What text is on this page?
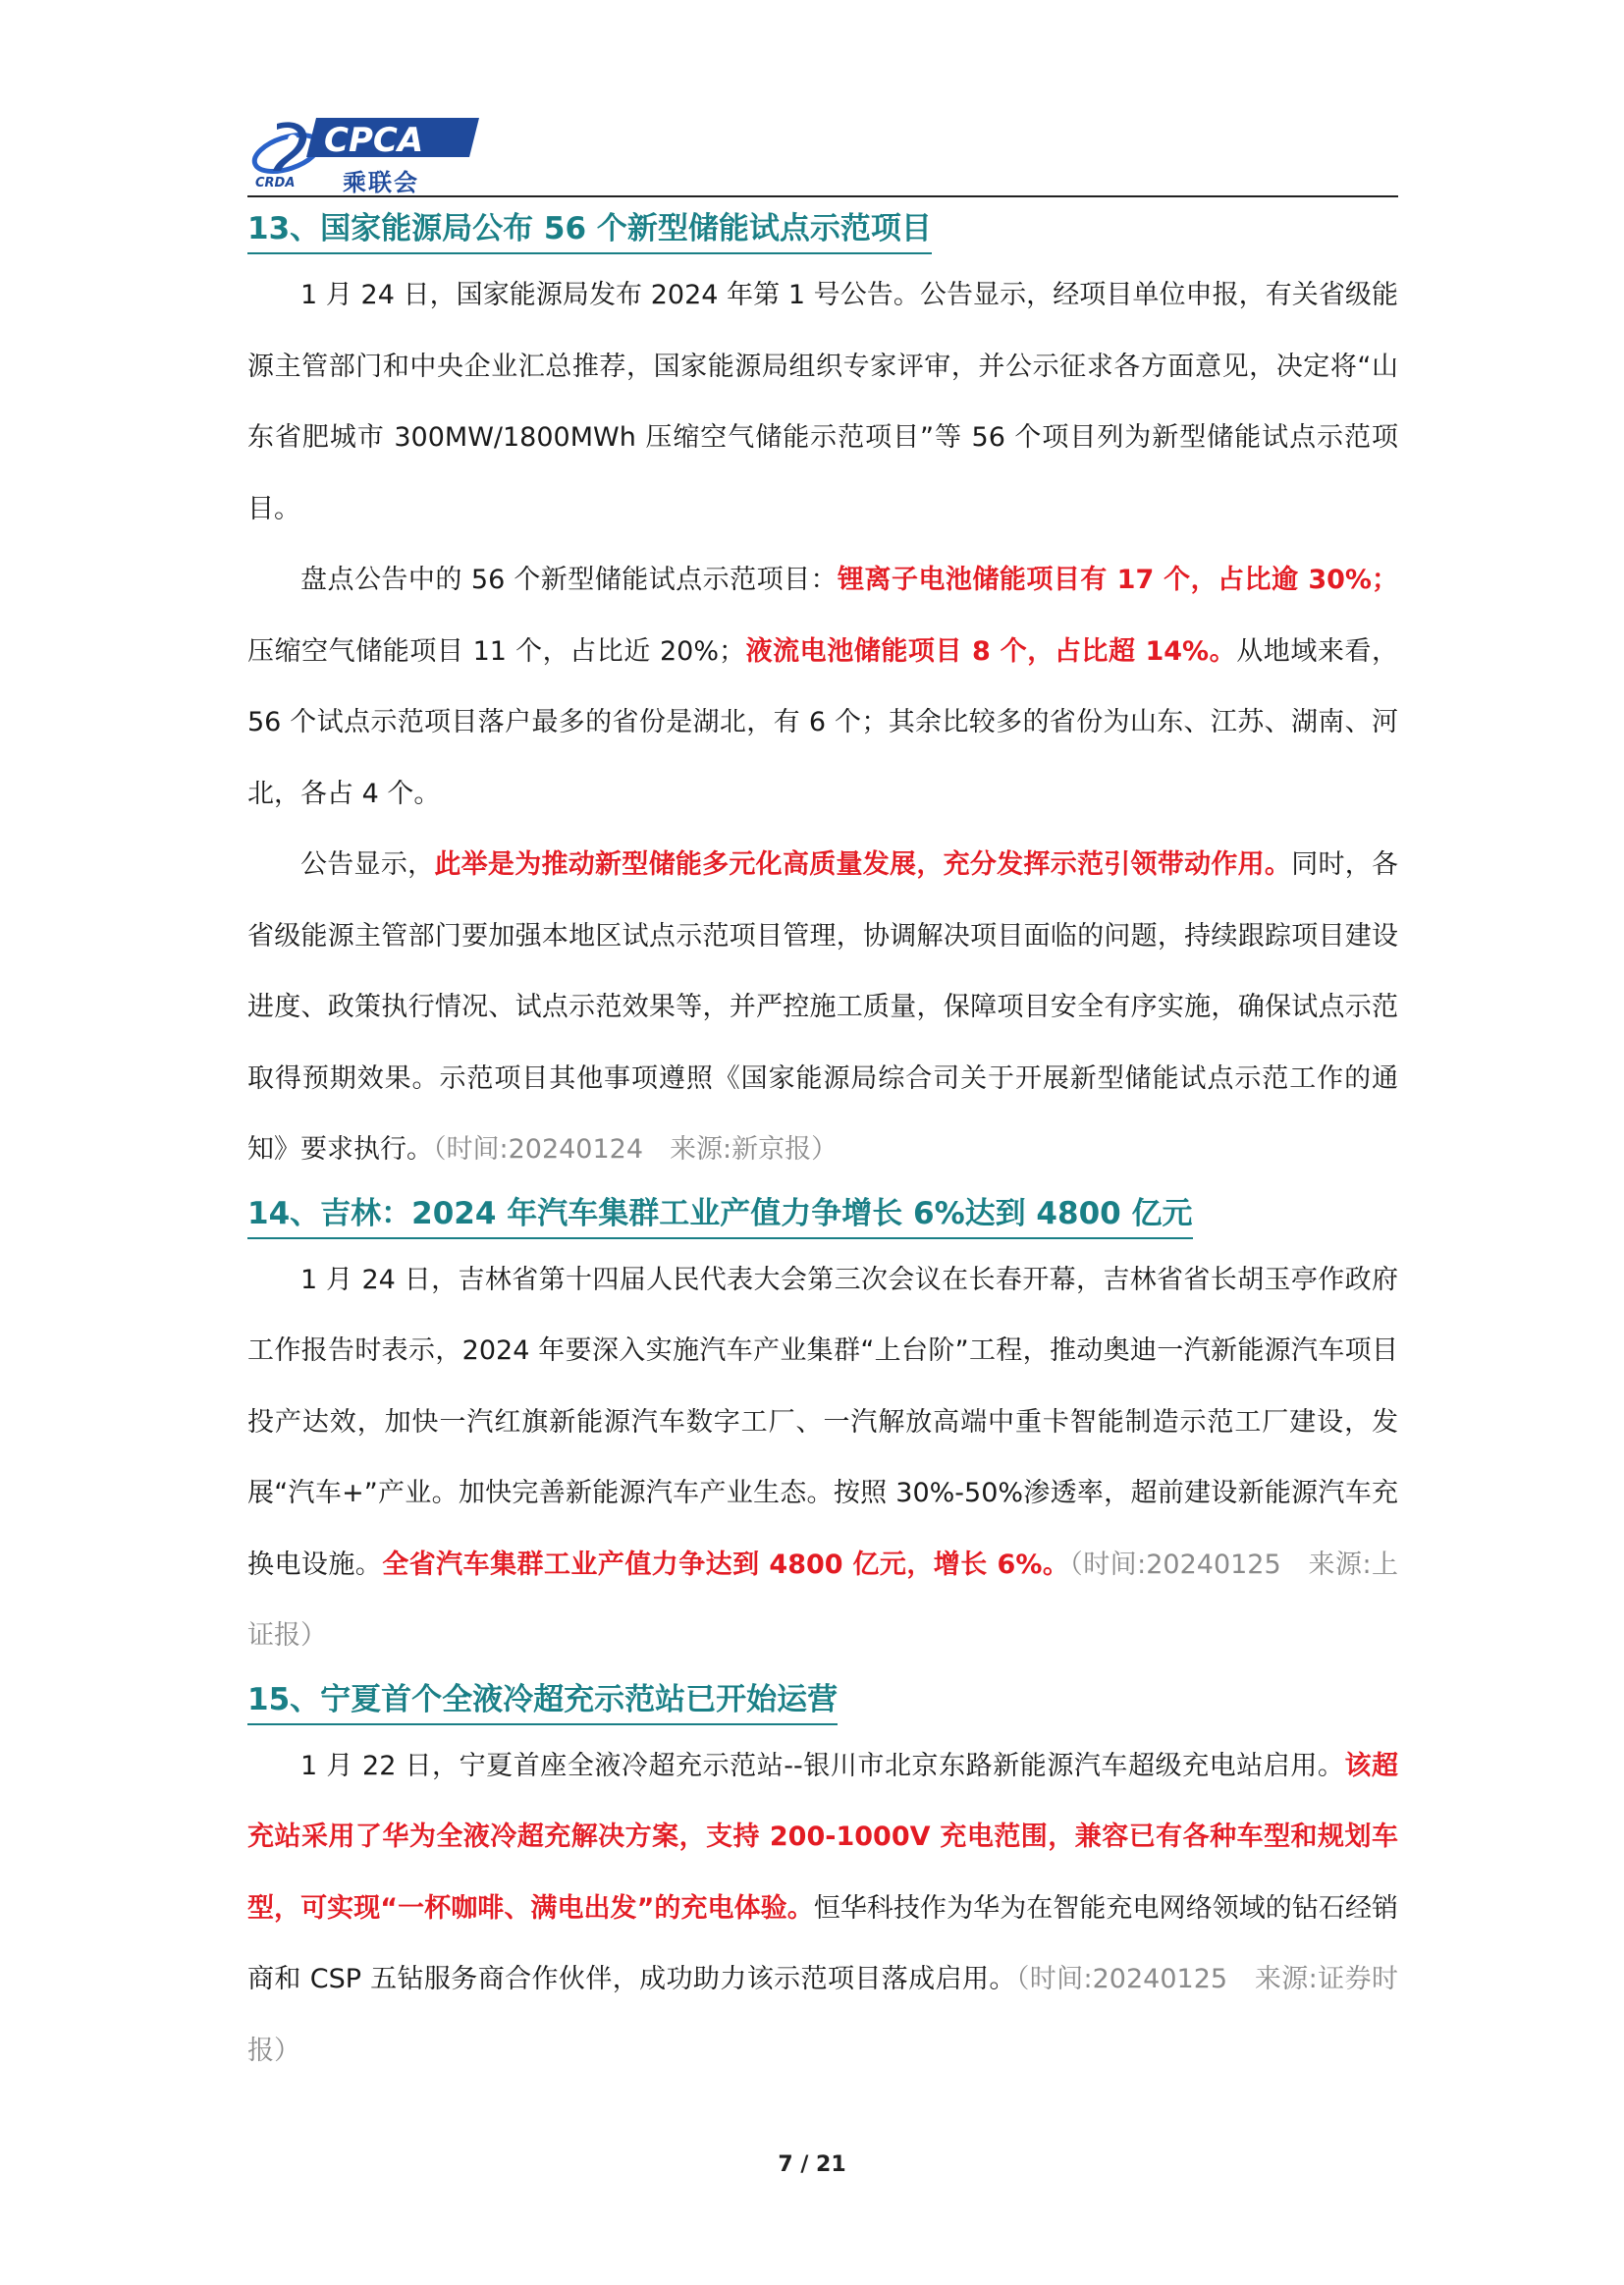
CRDA
CPCA
乘联会
13、国家能源局公布 56 个新型储能试点示范项目

1 月 24 日，国家能源局发布 2024 年第 1 号公告。公告显示，经项目单位申报，有关省级能源主管部门和中央企业汇总推荐，国家能源局组织专家评审，并公示征求各方面意见，决定将“山东省肥城市 300MW/1800MWh 压缩空气储能示范项目”等 56 个项目列为新型储能试点示范项目。

盘点公告中的 56 个新型储能试点示范项目：锂离子电池储能项目有 17 个，占比逾 30%；压缩空气储能项目 11 个，占比近 20%；液流电池储能项目 8 个，占比超 14%。从地域来看，56 个试点示范项目落户最多的省份是湖北，有 6 个；其余比较多的省份为山东、江苏、湖南、河北，各占 4 个。

公告显示，此举是为推动新型储能多元化高质量发展，充分发挥示范引领带动作用。同时，各省级能源主管部门要加强本地区试点示范项目管理，协调解决项目面临的问题，持续跟踪项目建设进度、政策执行情况、试点示范效果等，并严控施工质量，保障项目安全有序实施，确保试点示范取得预期效果。示范项目其他事项遵照《国家能源局综合司关于开展新型储能试点示范工作的通知》要求执行。（时间:20240124　来源:新京报）

14、吉林：2024 年汽车集群工业产值力争增长 6%达到 4800 亿元

1 月 24 日，吉林省第十四届人民代表大会第三次会议在长春开幕，吉林省省长胡玉亭作政府工作报告时表示，2024 年要深入实施汽车产业集群“上台阶”工程，推动奥迪一汽新能源汽车项目投产达效，加快一汽红旗新能源汽车数字工厂、一汽解放高端中重卡智能制造示范工厂建设，发展“汽车+”产业。加快完善新能源汽车产业生态。按照 30%-50%渗透率，超前建设新能源汽车充换电设施。全省汽车集群工业产值力争达到 4800 亿元，增长 6%。（时间:20240125　来源:上证报）

15、宁夏首个全液冷超充示范站已开始运营

1 月 22 日，宁夏首座全液冷超充示范站--银川市北京东路新能源汽车超级充电站启用。该超充站采用了华为全液冷超充解决方案，支持 200-1000V 充电范围，兼容已有各种车型和规划车型，可实现“一杯咖啡、满电出发”的充电体验。恒华科技作为华为在智能充电网络领域的钻石经销商和 CSP 五钻服务商合作伙伴，成功助力该示范项目落成启用。（时间:20240125　来源:证券时报）

7 / 21
